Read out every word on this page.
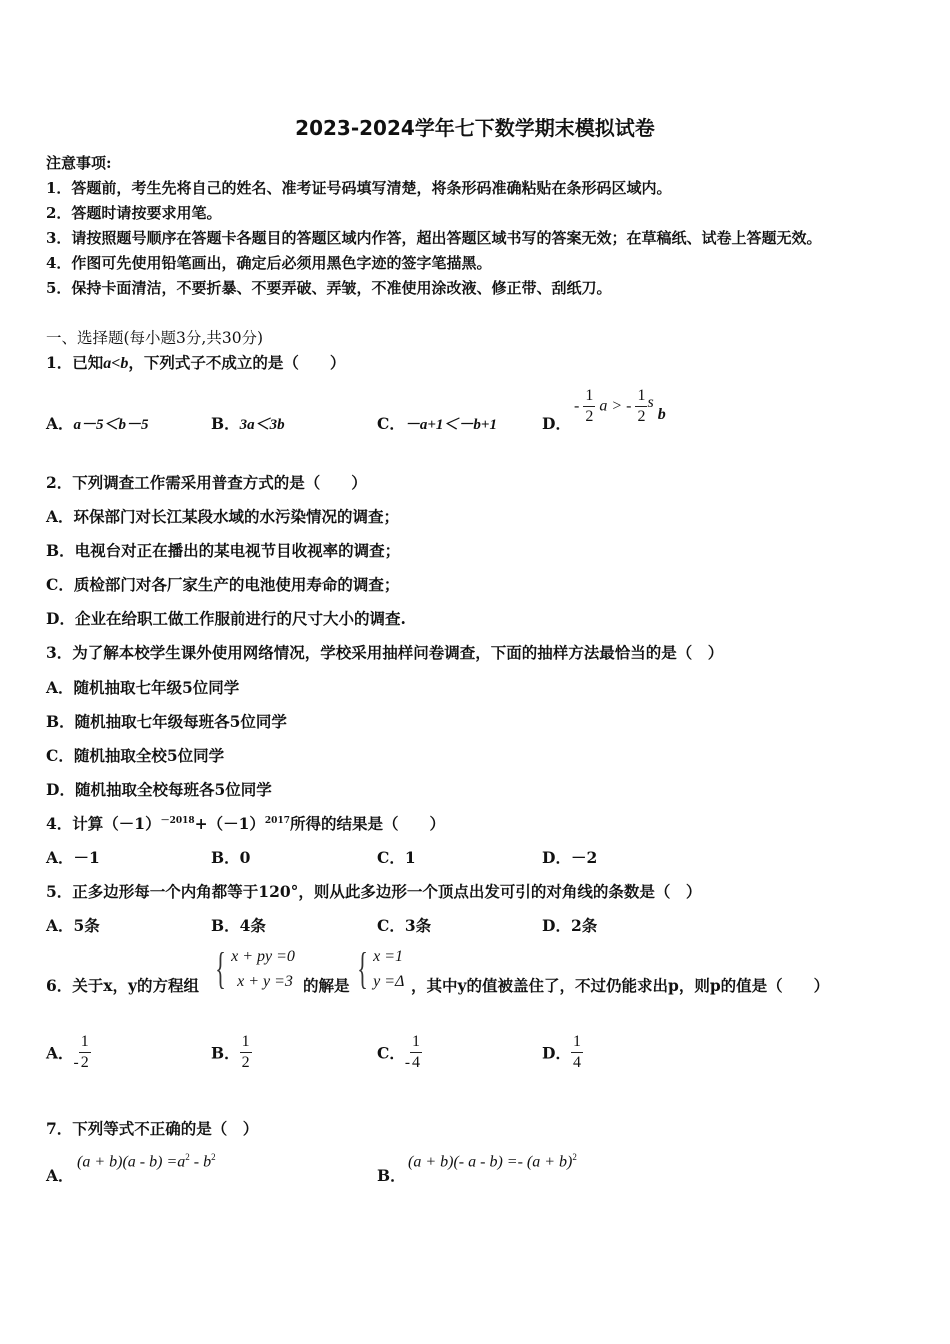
2023-2024学年七下数学期末模拟试卷
注意事项:
1．答题前，考生先将自己的姓名、准考证号码填写清楚，将条形码准确粘贴在条形码区域内。
2．答题时请按要求用笔。
3．请按照题号顺序在答题卡各题目的答题区域内作答，超出答题区域书写的答案无效；在草稿纸、试卷上答题无效。
4．作图可先使用铅笔画出，确定后必须用黑色字迹的签字笔描黑。
5．保持卡面清洁，不要折暴、不要弄破、弄皱，不准使用涂改液、修正带、刮纸刀。
一、选择题(每小题3分,共30分)
1．已知a<b，下列式子不成立的是（　　）
A．a－5＜b－5	B．3a＜3b	C．－a+1＜－b+1	D．
- $\frac{1}{2}$ a > - $\frac{1}{2}$ s b
2．下列调查工作需采用普查方式的是（　　）
A．环保部门对长江某段水域的水污染情况的调查；
B．电视台对正在播出的某电视节目收视率的调查；
C．质检部门对各厂家生产的电池使用寿命的调查；
D．企业在给职工做工作服前进行的尺寸大小的调查.
3．为了解本校学生课外使用网络情况，学校采用抽样问卷调查，下面的抽样方法最恰当的是（　）
A．随机抽取七年级5位同学
B．随机抽取七年级每班各5位同学
C．随机抽取全校5位同学
D．随机抽取全校每班各5位同学
4．计算$(-1)^{-2018}+(-1)^{2017}$所得的结果是（　　）
A．－1	B．0	C．1	D．－2
5．正多边形每一个内角都等于120°，则从此多边形一个顶点出发可引的对角线的条数是（　）
A．5条	B．4条	C．3条	D．2条
6．关于x，y的方程组 { x + py =0
x + y =3 的解是 { x =1
y =Δ ，其中y的值被盖住了，不过仍能求出p，则p的值是（　　）
A．- $\frac{1}{2}$	B． $\frac{1}{2}$	C．- $\frac{1}{4}$	D． $\frac{1}{4}$
7．下列等式不正确的是（　）
A．
$(a + b)(a - b) =a^2 - b^2$
B．
(a + b)(- $a - b) =- (a + b)^2$
